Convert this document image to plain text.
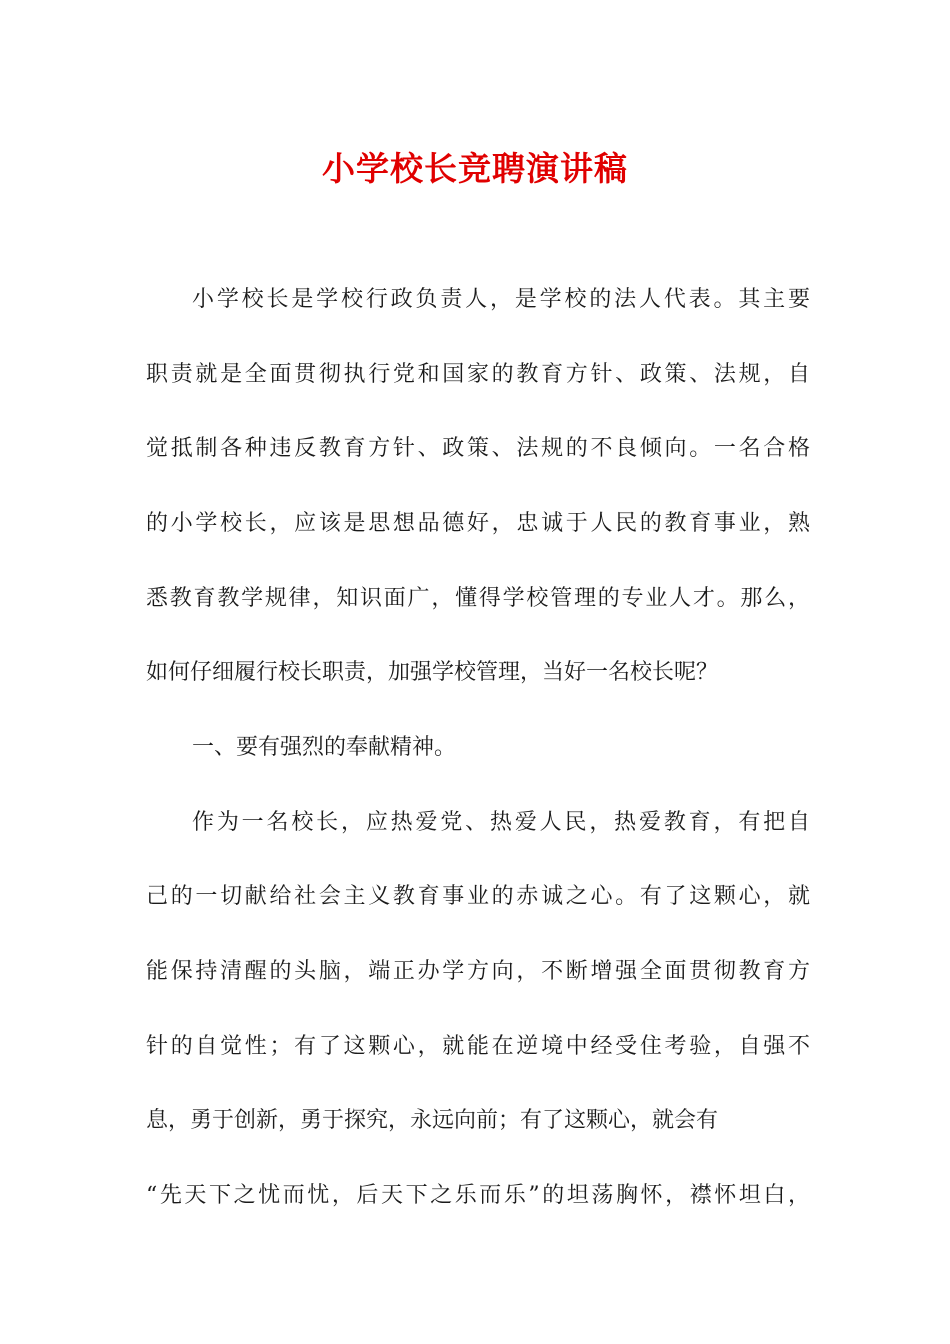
小学校长竞聘演讲稿
小学校长是学校行政负责人，是学校的法人代表。其主要
职责就是全面贯彻执行党和国家的教育方针、政策、法规，自
觉抵制各种违反教育方针、政策、法规的不良倾向。一名合格
的小学校长，应该是思想品德好，忠诚于人民的教育事业，熟
悉教育教学规律，知识面广，懂得学校管理的专业人才。那么，
如何仔细履行校长职责，加强学校管理，当好一名校长呢？
一、要有强烈的奉献精神。
作为一名校长，应热爱党、热爱人民，热爱教育，有把自
己的一切献给社会主义教育事业的赤诚之心。有了这颗心，就
能保持清醒的头脑，端正办学方向，不断增强全面贯彻教育方
针的自觉性；有了这颗心，就能在逆境中经受住考验，自强不
息，勇于创新，勇于探究，永远向前；有了这颗心，就会有
“先天下之忧而忧，后天下之乐而乐”的坦荡胸怀，襟怀坦白，
